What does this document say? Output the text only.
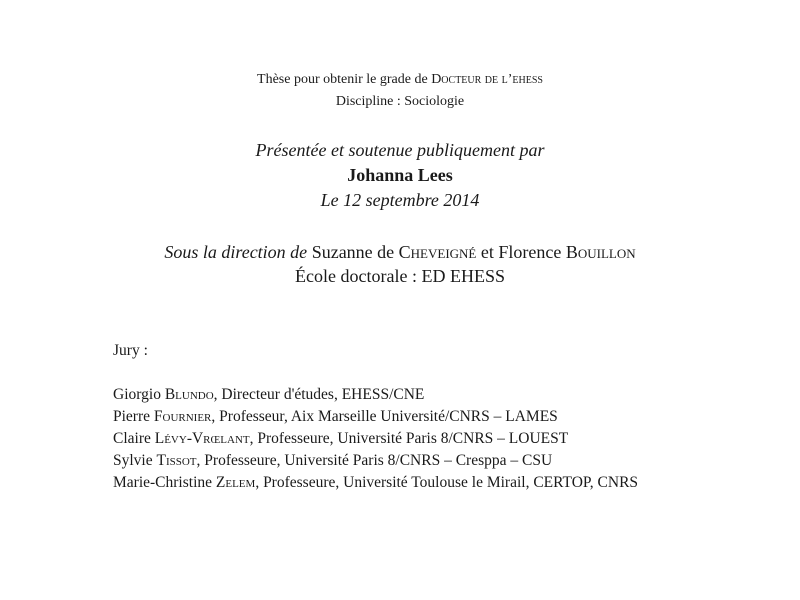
Thèse pour obtenir le grade de Docteur de l’ehess
Discipline : Sociologie
Présentée et soutenue publiquement par
Johanna Lees
Le 12 septembre 2014
Sous la direction de Suzanne de Cheveigné et Florence Bouillon
École doctorale : ED EHESS
Jury :
Giorgio Blundo, Directeur d'études, EHESS/CNE
Pierre Fournier, Professeur, Aix Marseille Université/CNRS – LAMES
Claire Lévy-Vrœlant, Professeure, Université Paris 8/CNRS – LOUEST
Sylvie Tissot, Professeure, Université Paris 8/CNRS – Cresppa – CSU
Marie-Christine Zelem, Professeure, Université Toulouse le Mirail, CERTOP, CNRS
